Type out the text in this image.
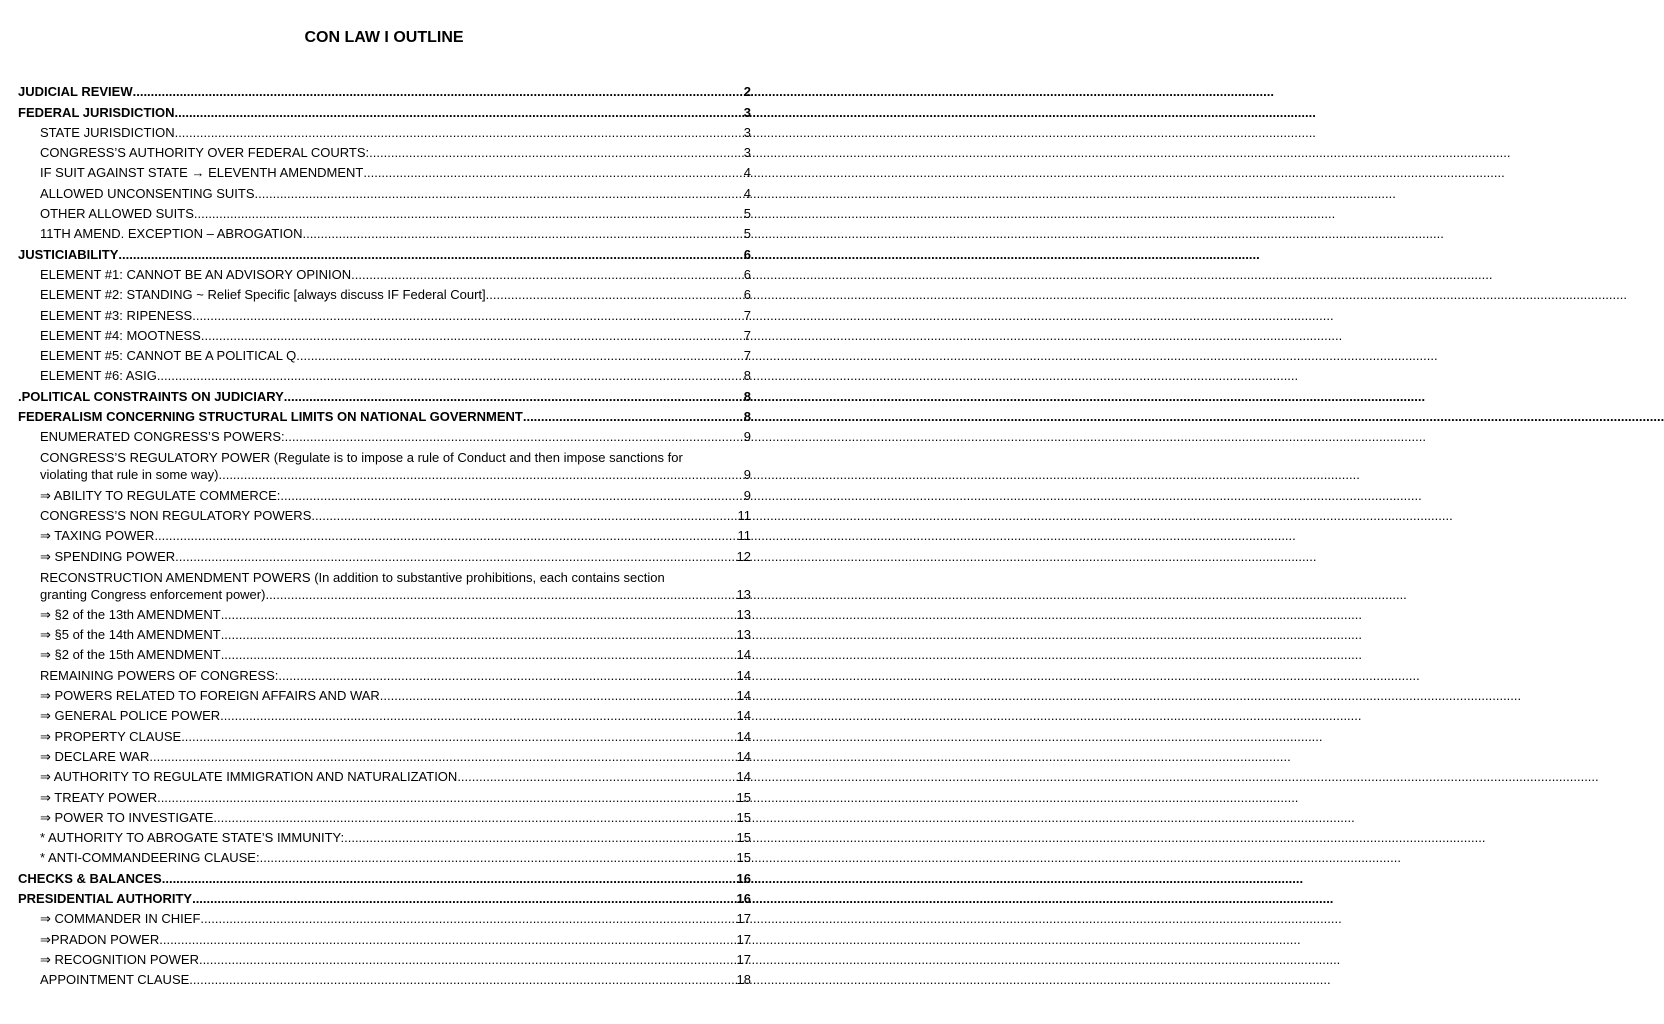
CON LAW I OUTLINE
JUDICIAL REVIEW .....	2
FEDERAL JURISDICTION .....	3
STATE JURISDICTION .....	3
CONGRESS’S AUTHORITY OVER FEDERAL COURTS: .....	3
IF SUIT AGAINST STATE → ELEVENTH AMENDMENT .....	4
ALLOWED UNCONSENTING SUITS .....	4
OTHER ALLOWED SUITS .....	5
11TH AMEND. EXCEPTION – ABROGATION .....	5
JUSTICIABILITY .....	6
ELEMENT #1: CANNOT BE AN ADVISORY OPINION .....	6
ELEMENT #2: STANDING ~ Relief Specific [always discuss IF Federal Court] .....	6
ELEMENT #3: RIPENESS .....	7
ELEMENT #4: MOOTNESS .....	7
ELEMENT #5: CANNOT BE A POLITICAL Q .....	7
ELEMENT #6: ASIG .....	8
.POLITICAL CONSTRAINTS ON JUDICIARY .....	8
FEDERALISM CONCERNING STRUCTURAL LIMITS ON NATIONAL GOVERNMENT .....	8
ENUMERATED CONGRESS’S POWERS: .....	9
CONGRESS’S REGULATORY POWER (Regulate is to impose a rule of Conduct and then impose sanctions for
violating that rule in some way) .....	9
⇒ ABILITY TO REGULATE COMMERCE: .....	9
CONGRESS’S NON REGULATORY POWERS .....	11
⇒ TAXING POWER .....	11
⇒ SPENDING POWER .....	12
RECONSTRUCTION AMENDMENT POWERS (In addition to substantive prohibitions, each contains section
granting Congress enforcement power) .....	13
⇒ §2 of the 13th AMENDMENT .....	13
⇒ §5 of the 14th AMENDMENT .....	13
⇒ §2 of the 15th AMENDMENT .....	14
REMAINING POWERS OF CONGRESS: .....	14
⇒ POWERS RELATED TO FOREIGN AFFAIRS AND WAR .....	14
⇒ GENERAL POLICE POWER .....	14
⇒ PROPERTY CLAUSE .....	14
⇒ DECLARE WAR .....	14
⇒ AUTHORITY TO REGULATE IMMIGRATION AND NATURALIZATION .....	14
⇒ TREATY POWER .....	15
⇒ POWER TO INVESTIGATE .....	15
* AUTHORITY TO ABROGATE STATE’S IMMUNITY: .....	15
* ANTI-COMMANDEERING CLAUSE: .....	15
CHECKS & BALANCES .....	16
PRESIDENTIAL AUTHORITY .....	16
⇒ COMMANDER IN CHIEF .....	17
⇒PRADON POWER .....	17
⇒ RECOGNITION POWER .....	17
APPOINTMENT CLAUSE .....	18
